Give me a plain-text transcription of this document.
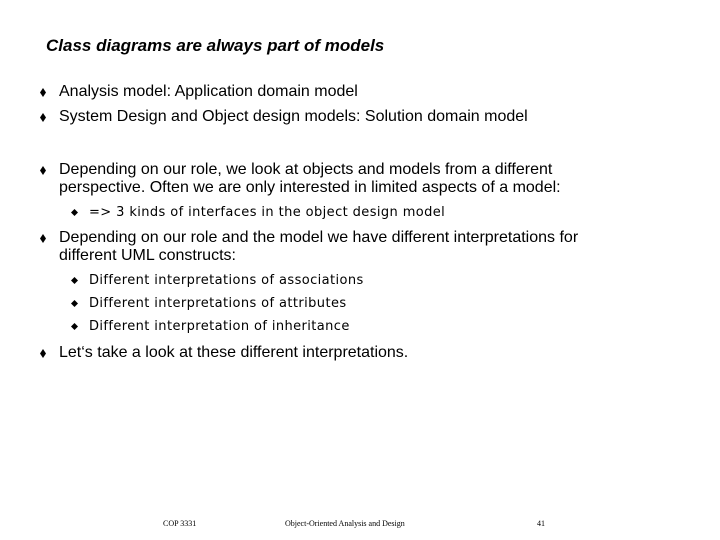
Class diagrams are always part of models
Analysis model: Application domain model
System Design and Object design models: Solution domain model
Depending on our role, we look at objects and models from a different
perspective. Often we are only interested in limited aspects of a model:
=> 3 kinds of interfaces in the object design model
Depending on our role and the model we have different interpretations for
different UML constructs:
Different interpretations of associations
Different interpretations of attributes
Different interpretation of inheritance
Let‘s take a look at these different interpretations.
COP 3331	Object-Oriented Analysis and Design	41
